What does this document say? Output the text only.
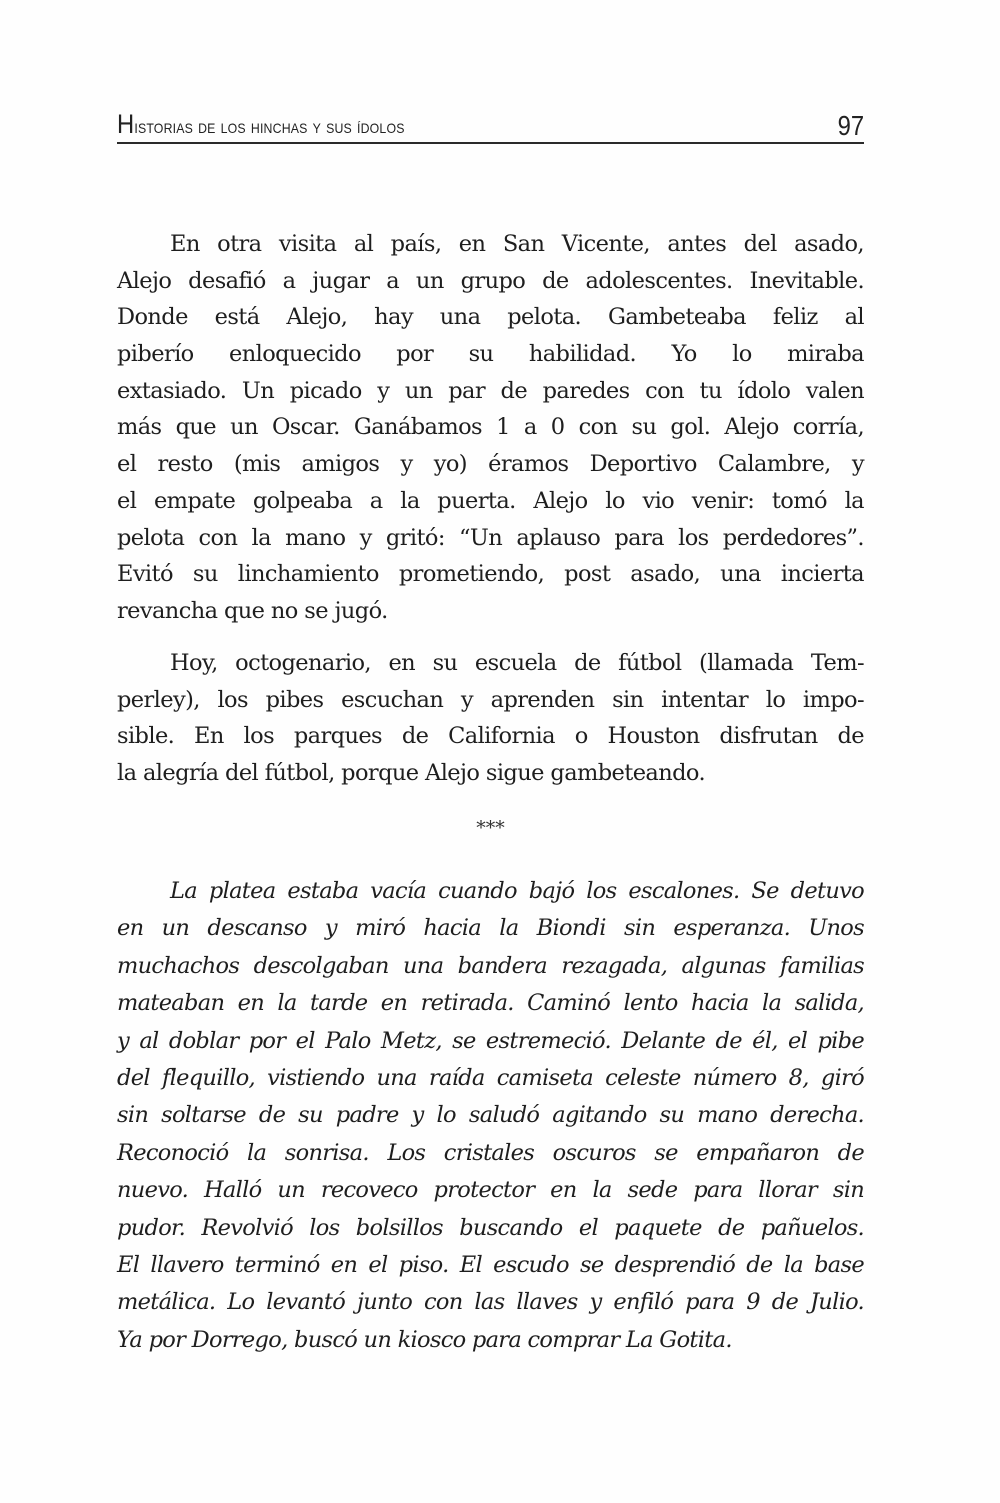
Historias de los hinchas y sus ídolos	97
En otra visita al país, en San Vicente, antes del asado,
Alejo desafió a jugar a un grupo de adolescentes. Inevitable.
Donde está Alejo, hay una pelota. Gambeteaba feliz al
piberío enloquecido por su habilidad. Yo lo miraba
extasiado. Un picado y un par de paredes con tu ídolo valen
más que un Oscar. Ganábamos 1 a 0 con su gol. Alejo corría,
el resto (mis amigos y yo) éramos Deportivo Calambre, y
el empate golpeaba a la puerta. Alejo lo vio venir: tomó la
pelota con la mano y gritó: “Un aplauso para los perdedores”.
Evitó su linchamiento prometiendo, post asado, una incierta
revancha que no se jugó.
Hoy, octogenario, en su escuela de fútbol (llamada Tem-
perley), los pibes escuchan y aprenden sin intentar lo impo-
sible. En los parques de California o Houston disfrutan de
la alegría del fútbol, porque Alejo sigue gambeteando.
***
La platea estaba vacía cuando bajó los escalones. Se detuvo
en un descanso y miró hacia la Biondi sin esperanza. Unos
muchachos descolgaban una bandera rezagada, algunas familias
mateaban en la tarde en retirada. Caminó lento hacia la salida,
y al doblar por el Palo Metz, se estremeció. Delante de él, el pibe
del flequillo, vistiendo una raída camiseta celeste número 8, giró
sin soltarse de su padre y lo saludó agitando su mano derecha.
Reconoció la sonrisa. Los cristales oscuros se empañaron de
nuevo. Halló un recoveco protector en la sede para llorar sin
pudor. Revolvió los bolsillos buscando el paquete de pañuelos.
El llavero terminó en el piso. El escudo se desprendió de la base
metálica. Lo levantó junto con las llaves y enfiló para 9 de Julio.
Ya por Dorrego, buscó un kiosco para comprar La Gotita.
